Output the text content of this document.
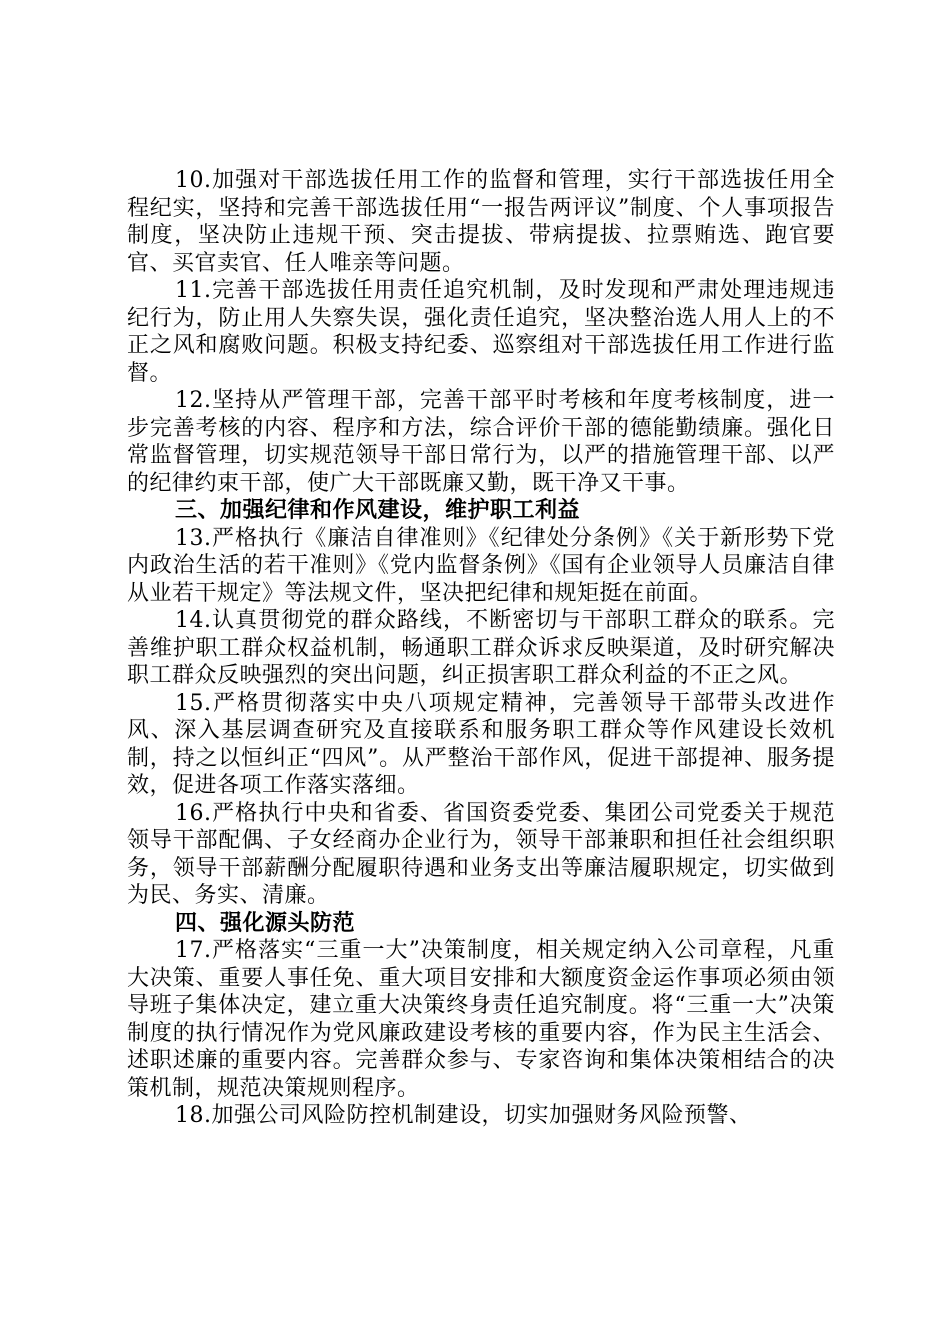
10.加强对干部选拔任用工作的监督和管理，实行干部选拔任用全程纪实，坚持和完善干部选拔任用“一报告两评议”制度、个人事项报告制度，坚决防止违规干预、突击提拔、带病提拔、拉票贿选、跑官要官、买官卖官、任人唯亲等问题。

11.完善干部选拔任用责任追究机制，及时发现和严肃处理违规违纪行为，防止用人失察失误，强化责任追究，坚决整治选人用人上的不正之风和腐败问题。积极支持纪委、巡察组对干部选拔任用工作进行监督。

12.坚持从严管理干部，完善干部平时考核和年度考核制度，进一步完善考核的内容、程序和方法，综合评价干部的德能勤绩廉。强化日常监督管理，切实规范领导干部日常行为，以严的措施管理干部、以严的纪律约束干部，使广大干部既廉又勤，既干净又干事。

三、加强纪律和作风建设，维护职工利益

13.严格执行《廉洁自律准则》《纪律处分条例》《关于新形势下党内政治生活的若干准则》《党内监督条例》《国有企业领导人员廉洁自律从业若干规定》等法规文件，坚决把纪律和规矩挺在前面。

14.认真贯彻党的群众路线，不断密切与干部职工群众的联系。完善维护职工群众权益机制，畅通职工群众诉求反映渠道，及时研究解决职工群众反映强烈的突出问题，纠正损害职工群众利益的不正之风。

15.严格贯彻落实中央八项规定精神，完善领导干部带头改进作风、深入基层调查研究及直接联系和服务职工群众等作风建设长效机制，持之以恒纠正“四风”。从严整治干部作风，促进干部提神、服务提效，促进各项工作落实落细。

16.严格执行中央和省委、省国资委党委、集团公司党委关于规范领导干部配偶、子女经商办企业行为，领导干部兼职和担任社会组织职务，领导干部薪酬分配履职待遇和业务支出等廉洁履职规定，切实做到为民、务实、清廉。

四、强化源头防范

17.严格落实“三重一大”决策制度，相关规定纳入公司章程，凡重大决策、重要人事任免、重大项目安排和大额度资金运作事项必须由领导班子集体决定，建立重大决策终身责任追究制度。将“三重一大”决策制度的执行情况作为党风廉政建设考核的重要内容，作为民主生活会、述职述廉的重要内容。完善群众参与、专家咨询和集体决策相结合的决策机制，规范决策规则程序。

18.加强公司风险防控机制建设，切实加强财务风险预警、
